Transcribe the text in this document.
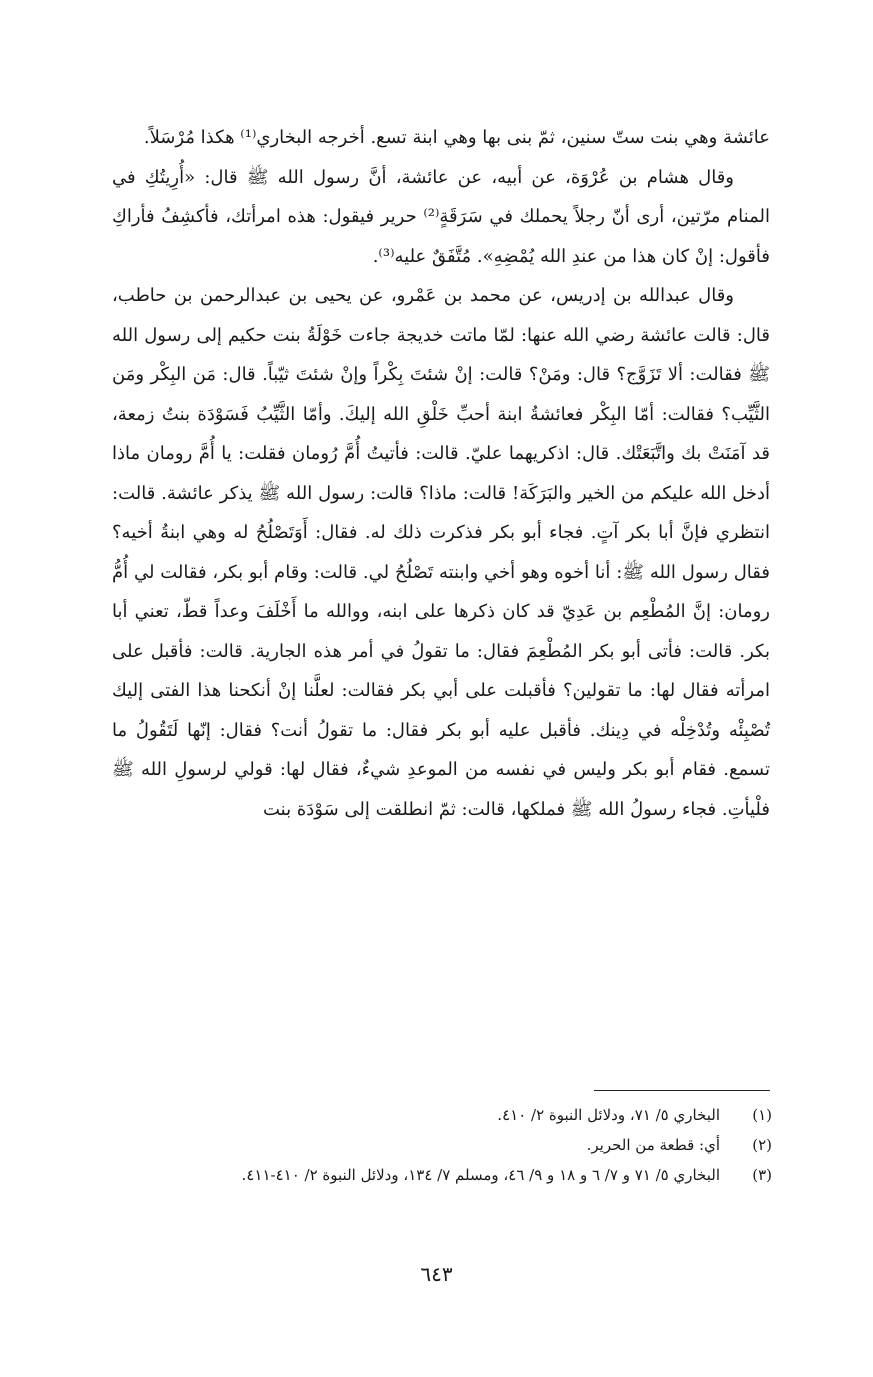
عائشة وهي بنت ستّ سنين، ثمّ بنى بها وهي ابنة تسع. أخرجه البخاري⁽¹⁾ هكذا مُرْسَلاً.

وقال هشام بن عُرْوَة، عن أبيه، عن عائشة، أنَّ رسول الله ﷺ قال: «أُرِيتُكِ في المنام مرّتين، أرى أنّ رجلاً يحملك في سَرَقَةٍ⁽²⁾ حرير فيقول: هذه امرأتك، فأكشِفُ فأراكِ فأقول: إنْ كان هذا من عندِ الله يُمْضِهِ». مُتَّفَقٌ عليه⁽³⁾.

وقال عبدالله بن إدريس، عن محمد بن عَمْرو، عن يحيى بن عبدالرحمن بن حاطب، قال: قالت عائشة رضي الله عنها: لمّا ماتت خديجة جاءت خَوْلَةُ بنت حكيم إلى رسول الله ﷺ فقالت: ألا تَزَوَّج؟ قال: ومَنْ؟ قالت: إنْ شئتَ بِكْراً وإنْ شئتَ ثيّباً. قال: مَن البِكْر ومَن الثَّيِّب؟ فقالت: أمّا البِكْر فعائشةُ ابنة أحبِّ خَلْقِ الله إليكَ. وأمّا الثَّيِّبُ فَسَوْدَة بنتُ زمعة، قد آمَنَتْ بك واتَّبَعَتْك. قال: اذكريهما عليّ. قالت: فأتيتُ أُمَّ رُومان فقلت: يا أُمَّ رومان ماذا أدخل الله عليكم من الخير والبَرَكَة! قالت: ماذا؟ قالت: رسول الله ﷺ يذكر عائشة. قالت: انتظري فإنَّ أبا بكر آتٍ. فجاء أبو بكر فذكرت ذلك له. فقال: أَوَتَصْلُحُ له وهي ابنةُ أخيه؟ فقال رسول الله ﷺ: أنا أخوه وهو أخي وابنته تَصْلُحُ لي. قالت: وقام أبو بكر، فقالت لي أُمُّ رومان: إنَّ المُطْعِم بن عَدِيّ قد كان ذكرها على ابنه، ووالله ما أَخْلَفَ وعداً قطّ، تعني أبا بكر. قالت: فأتى أبو بكر المُطْعِمَ فقال: ما تقولُ في أمر هذه الجارية. قالت: فأقبل على امرأته فقال لها: ما تقولين؟ فأقبلت على أبي بكر فقالت: لعلَّنا إنْ أنكحنا هذا الفتى إليك تُصْبِئْه وتُدْخِلْه في دِينك. فأقبل عليه أبو بكر فقال: ما تقولُ أنت؟ فقال: إنّها لَتَقُولُ ما تسمع. فقام أبو بكر وليس في نفسه من الموعدِ شيءٌ، فقال لها: قولي لرسولِ الله ﷺ فلْيأتِ. فجاء رسولُ الله ﷺ فملكها، قالت: ثمّ انطلقت إلى سَوْدَة بنت

(١)
البخاري ٥/ ٧١، ودلائل النبوة ٢/ ٤١٠.
(٢)
أي: قطعة من الحرير.
(٣)
البخاري ٥/ ٧١ و ٧/ ٦ و ١٨ و ٩/ ٤٦، ومسلم ٧/ ١٣٤، ودلائل النبوة ٢/ ٤١٠-٤١١.
٦٤٣
